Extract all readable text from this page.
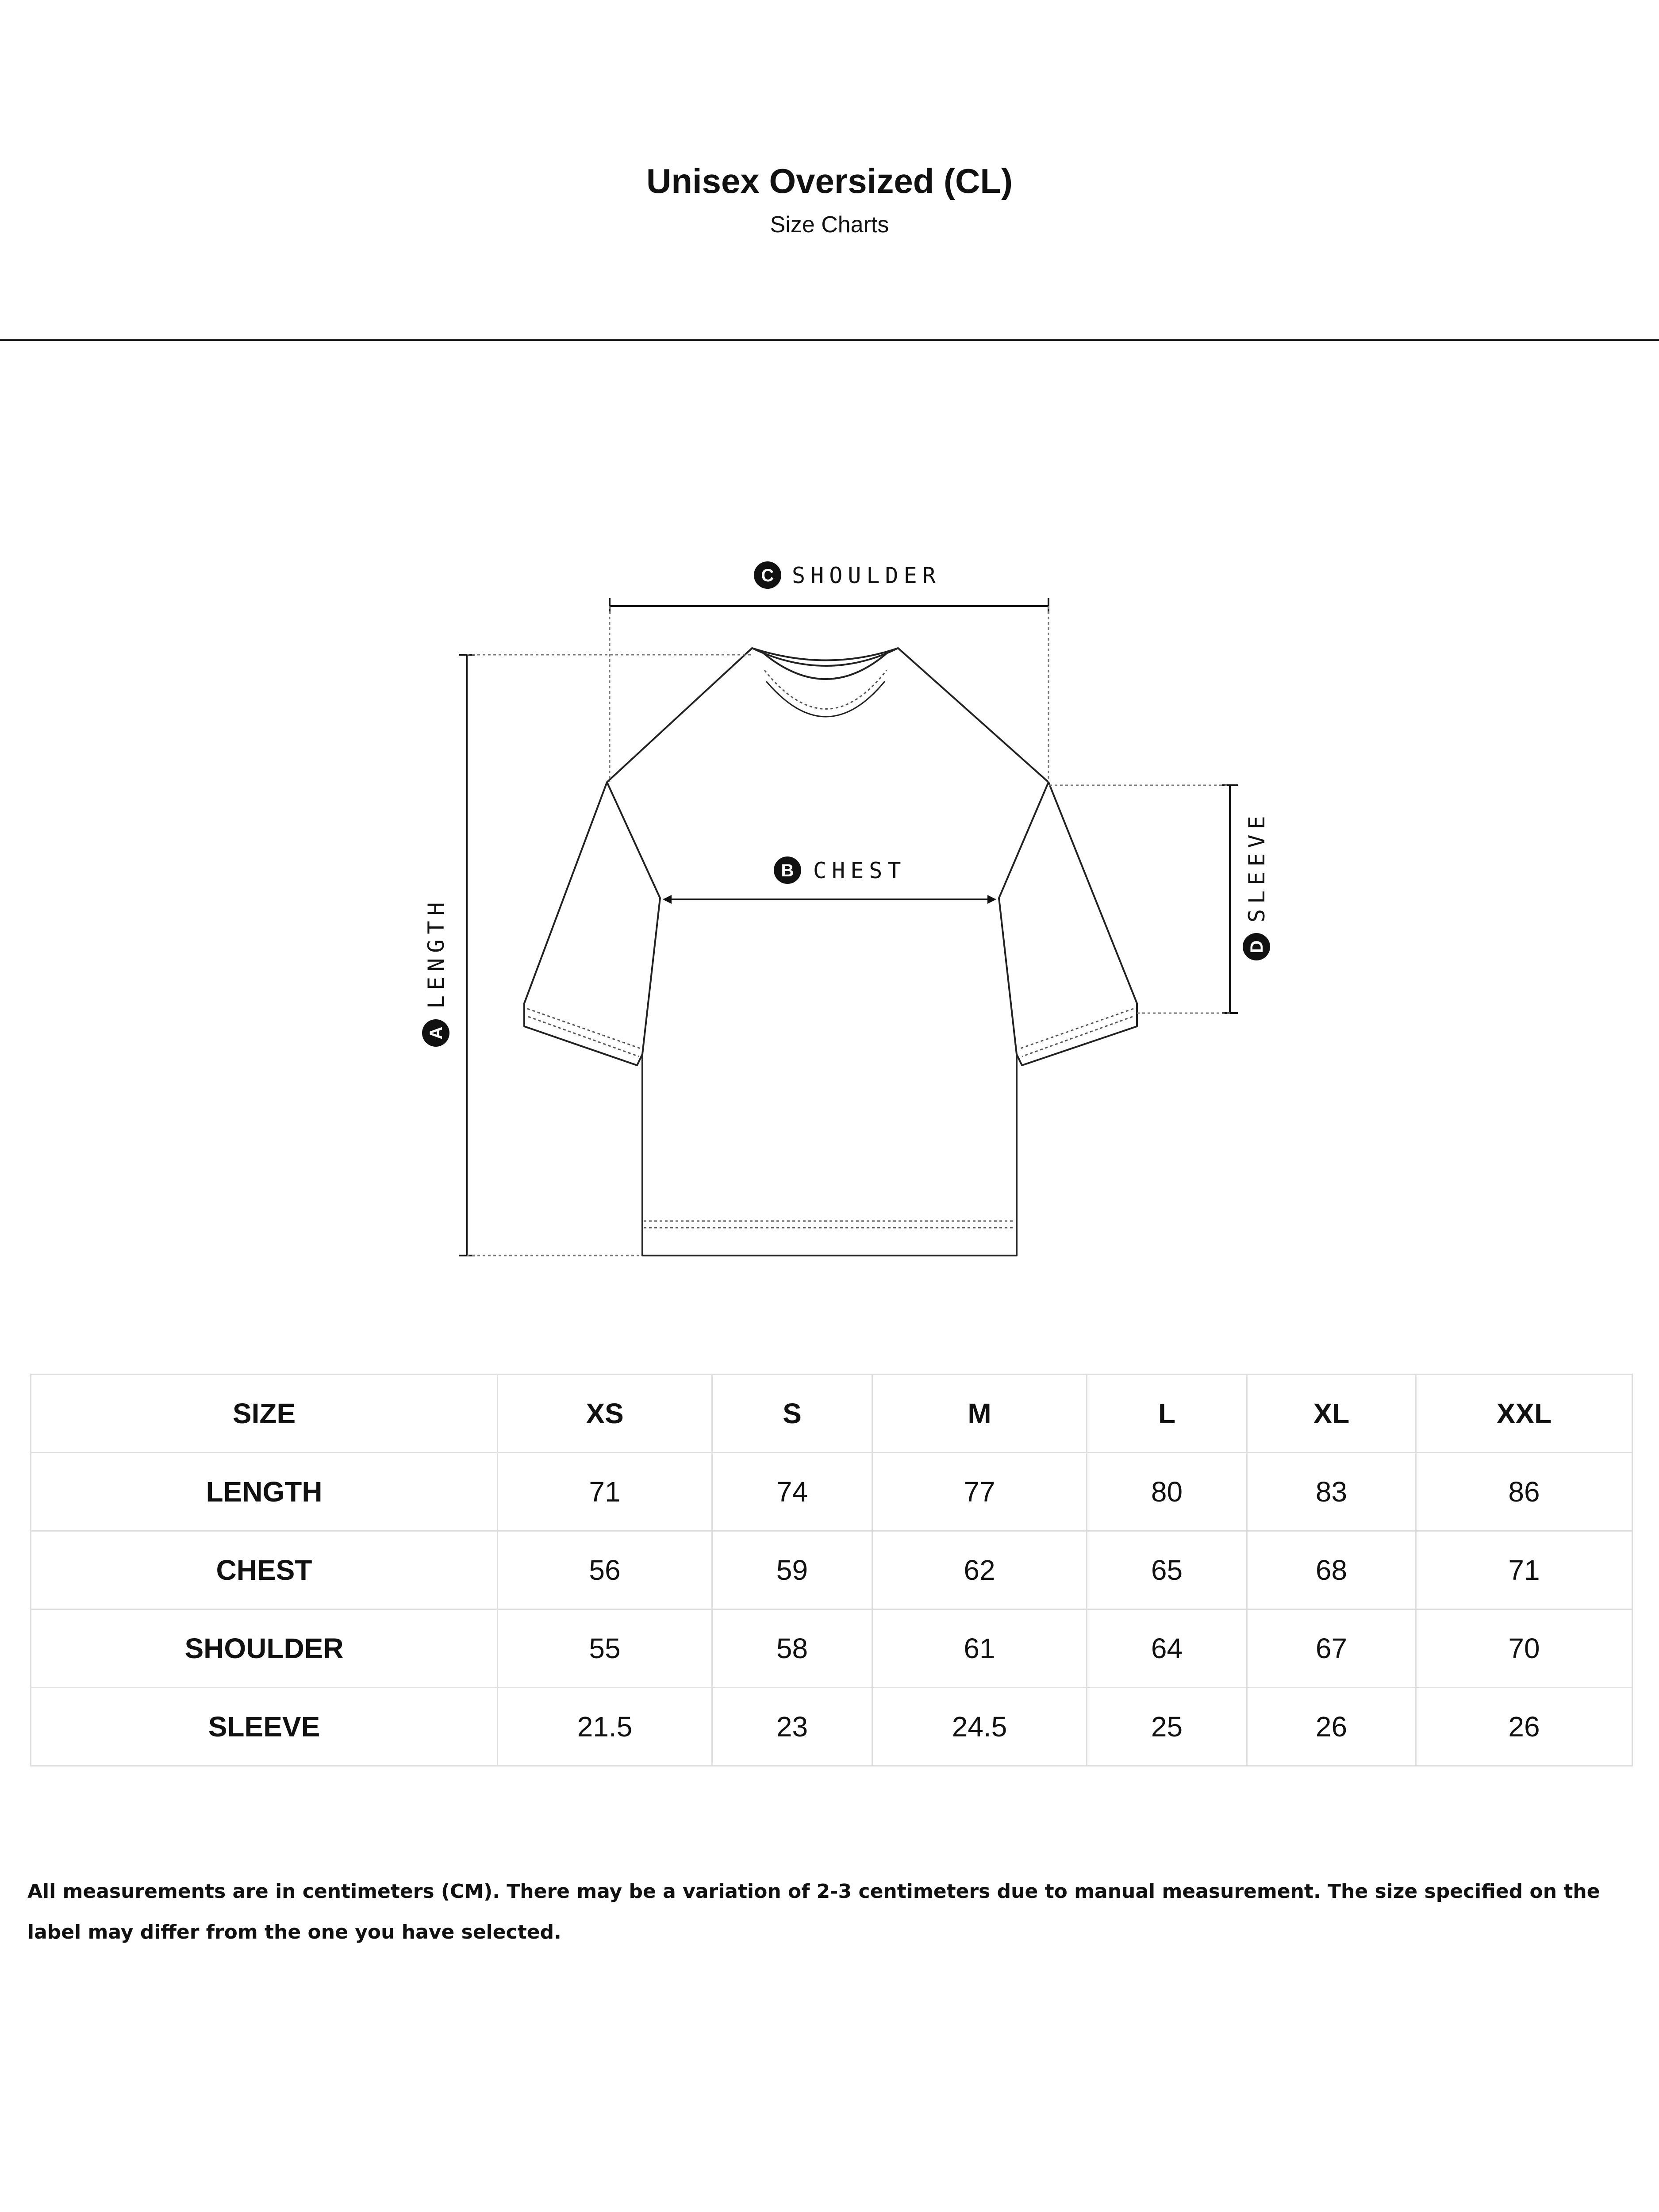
Unisex Oversized (CL)
Size Charts
C SHOULDER
B CHEST
A
LENGTH	D
SLEEVE
SIZE	XS	S	M	L	XL	XXL
LENGTH	71	74	77	80	83	86
CHEST	56	59	62	65	68	71
SHOULDER	55	58	61	64	67	70
SLEEVE	21.5	23	24.5	25	26	26
All measurements are in centimeters (CM). There may be a variation of 2-3 centimeters due to manual measurement. The size specified on the label may differ from the one you have selected.
